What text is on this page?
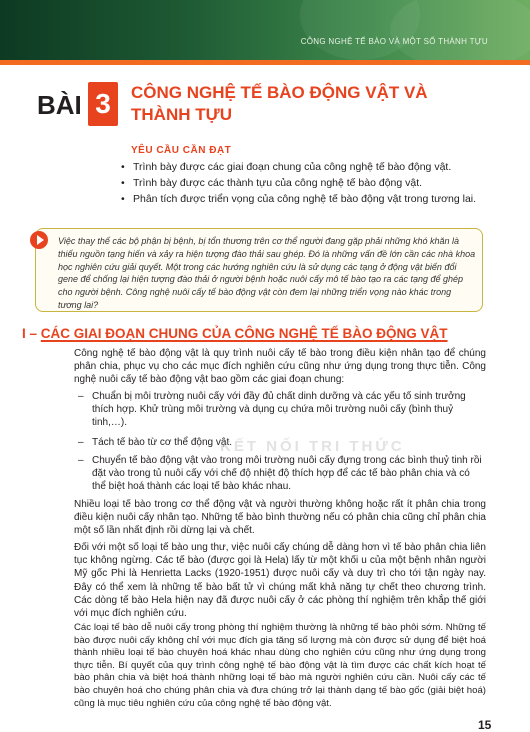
CÔNG NGHỆ TẾ BÀO VÀ MỘT SỐ THÀNH TỰU
BÀI 3	CÔNG NGHỆ TẾ BÀO ĐỘNG VẬT VÀ THÀNH TỰU
YÊU CẦU CẦN ĐẠT
• Trình bày được các giai đoạn chung của công nghệ tế bào động vật.
• Trình bày được các thành tựu của công nghệ tế bào động vật.
• Phân tích được triển vọng của công nghệ tế bào động vật trong tương lai.
Việc thay thế các bộ phận bị bệnh, bị tổn thương trên cơ thể người đang gặp phải những khó khăn là thiếu nguồn tạng hiến và xảy ra hiện tượng đào thải sau ghép. Đó là những vấn đề lớn cần các nhà khoa học nghiên cứu giải quyết. Một trong các hướng nghiên cứu là sử dụng các tạng ở động vật biến đổi gene để chống lại hiện tượng đào thải ở người bệnh hoặc nuôi cấy mô tế bào tạo ra các tạng để ghép cho người bệnh. Công nghệ nuôi cấy tế bào động vật còn đem lại những triển vọng nào khác trong tương lai?
I – CÁC GIAI ĐOẠN CHUNG CỦA CÔNG NGHỆ TẾ BÀO ĐỘNG VẬT

Công nghệ tế bào động vật là quy trình nuôi cấy tế bào trong điều kiện nhân tạo để chúng phân chia, phục vụ cho các mục đích nghiên cứu cũng như ứng dụng trong thực tiễn. Công nghệ nuôi cấy tế bào động vật bao gồm các giai đoạn chung:

– Chuẩn bị môi trường nuôi cấy với đầy đủ chất dinh dưỡng và các yếu tố sinh trưởng thích hợp. Khử trùng môi trường và dụng cụ chứa môi trường nuôi cấy (bình thuỷ tinh,…).

– Tách tế bào từ cơ thể động vật.

– Chuyển tế bào động vật vào trong môi trường nuôi cấy đựng trong các bình thuỷ tinh rồi đặt vào trong tủ nuôi cấy với chế độ nhiệt độ thích hợp để các tế bào phân chia và có thể biệt hoá thành các loại tế bào khác nhau.

KẾT NỐI TRI THỨC

Nhiều loại tế bào trong cơ thể động vật và người thường không hoặc rất ít phân chia trong điều kiện nuôi cấy nhân tạo. Những tế bào bình thường nếu có phân chia cũng chỉ phân chia một số lần nhất định rồi dừng lại và chết.

Đối với một số loại tế bào ung thư, việc nuôi cấy chúng dễ dàng hơn vì tế bào phân chia liên tục không ngừng. Các tế bào (được gọi là Hela) lấy từ một khối u của một bệnh nhân người Mỹ gốc Phi là Henrietta Lacks (1920-1951) được nuôi cấy và duy trì cho tới tận ngày nay. Đây có thể xem là những tế bào bất tử vì chúng mất khả năng tự chết theo chương trình. Các dòng tế bào Hela hiện nay đã được nuôi cấy ở các phòng thí nghiệm trên khắp thế giới với mục đích nghiên cứu.

Các loại tế bào dễ nuôi cấy trong phòng thí nghiệm thường là những tế bào phôi sớm. Những tế bào được nuôi cấy không chỉ với mục đích gia tăng số lượng mà còn được sử dụng để biệt hoá thành nhiều loại tế bào chuyên hoá khác nhau dùng cho nghiên cứu cũng như ứng dụng trong thực tiễn. Bí quyết của quy trình công nghệ tế bào động vật là tìm được các chất kích hoạt tế bào phân chia và biệt hoá thành những loại tế bào mà người nghiên cứu cần. Nuôi cấy các tế bào chuyên hoá cho chúng phân chia và đưa chúng trở lại thành dạng tế bào gốc (giải biệt hoá) cũng là mục tiêu nghiên cứu của công nghệ tế bào động vật.

15
